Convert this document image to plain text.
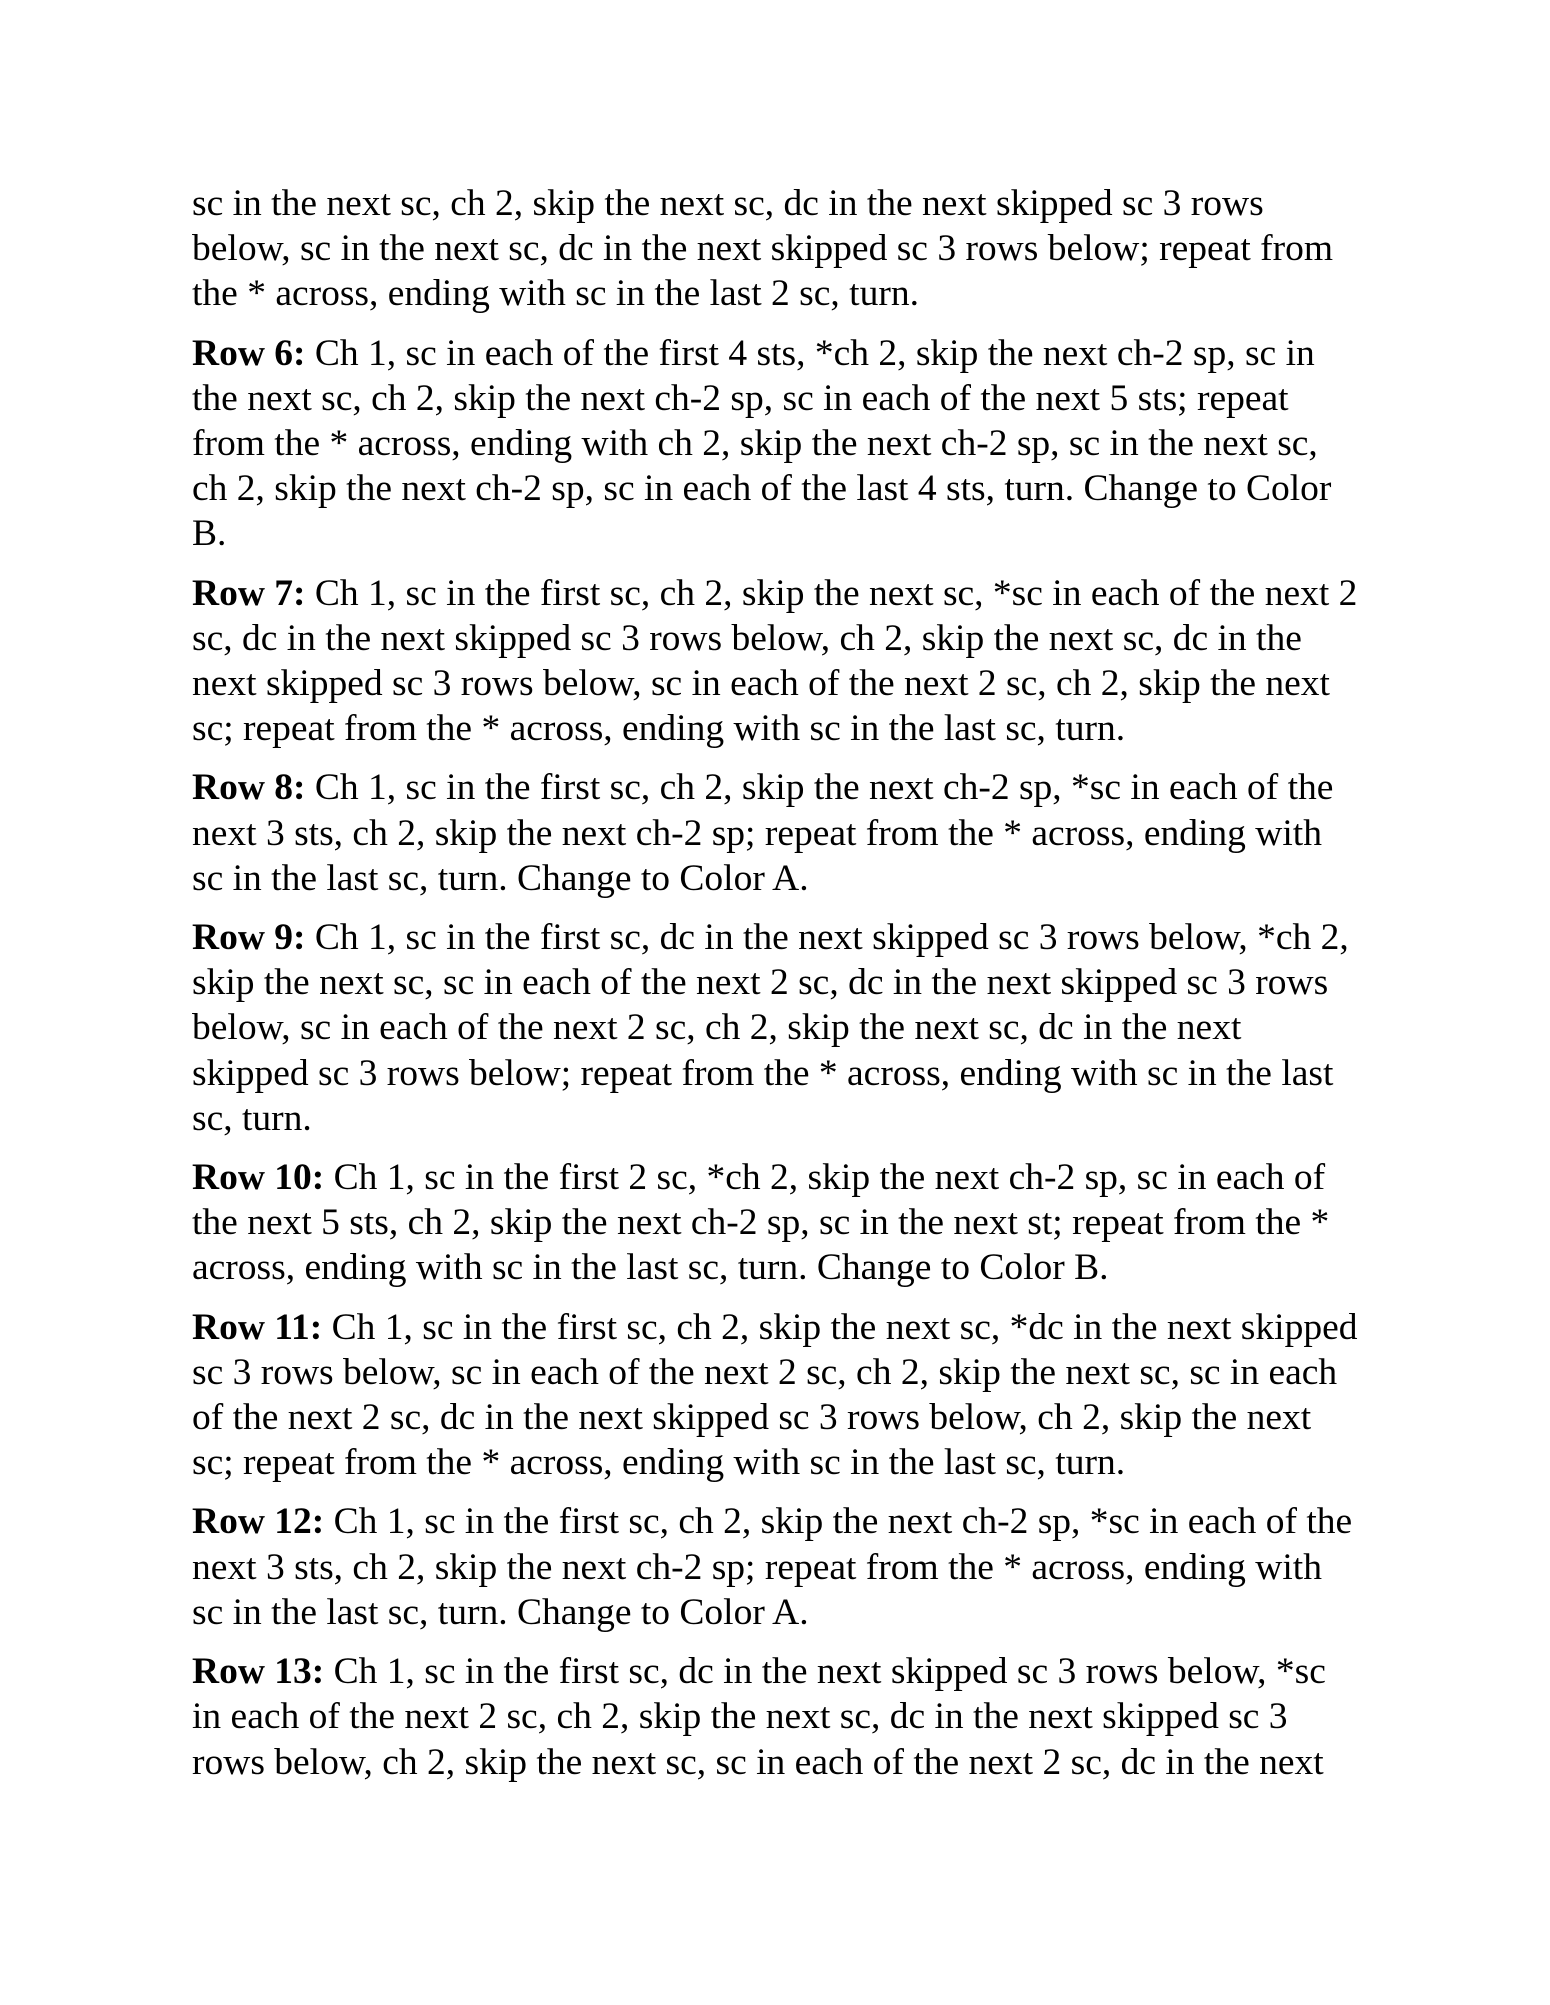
sc in the next sc, ch 2, skip the next sc, dc in the next skipped sc 3 rows below, sc in the next sc, dc in the next skipped sc 3 rows below; repeat from the * across, ending with sc in the last 2 sc, turn.

Row 6: Ch 1, sc in each of the first 4 sts, *ch 2, skip the next ch-2 sp, sc in the next sc, ch 2, skip the next ch-2 sp, sc in each of the next 5 sts; repeat from the * across, ending with ch 2, skip the next ch-2 sp, sc in the next sc, ch 2, skip the next ch-2 sp, sc in each of the last 4 sts, turn. Change to Color B.

Row 7: Ch 1, sc in the first sc, ch 2, skip the next sc, *sc in each of the next 2 sc, dc in the next skipped sc 3 rows below, ch 2, skip the next sc, dc in the next skipped sc 3 rows below, sc in each of the next 2 sc, ch 2, skip the next sc; repeat from the * across, ending with sc in the last sc, turn.

Row 8: Ch 1, sc in the first sc, ch 2, skip the next ch-2 sp, *sc in each of the next 3 sts, ch 2, skip the next ch-2 sp; repeat from the * across, ending with sc in the last sc, turn. Change to Color A.

Row 9: Ch 1, sc in the first sc, dc in the next skipped sc 3 rows below, *ch 2, skip the next sc, sc in each of the next 2 sc, dc in the next skipped sc 3 rows below, sc in each of the next 2 sc, ch 2, skip the next sc, dc in the next skipped sc 3 rows below; repeat from the * across, ending with sc in the last sc, turn.

Row 10: Ch 1, sc in the first 2 sc, *ch 2, skip the next ch-2 sp, sc in each of the next 5 sts, ch 2, skip the next ch-2 sp, sc in the next st; repeat from the * across, ending with sc in the last sc, turn. Change to Color B.

Row 11: Ch 1, sc in the first sc, ch 2, skip the next sc, *dc in the next skipped sc 3 rows below, sc in each of the next 2 sc, ch 2, skip the next sc, sc in each of the next 2 sc, dc in the next skipped sc 3 rows below, ch 2, skip the next sc; repeat from the * across, ending with sc in the last sc, turn.

Row 12: Ch 1, sc in the first sc, ch 2, skip the next ch-2 sp, *sc in each of the next 3 sts, ch 2, skip the next ch-2 sp; repeat from the * across, ending with sc in the last sc, turn. Change to Color A.

Row 13: Ch 1, sc in the first sc, dc in the next skipped sc 3 rows below, *sc in each of the next 2 sc, ch 2, skip the next sc, dc in the next skipped sc 3 rows below, ch 2, skip the next sc, sc in each of the next 2 sc, dc in the next
